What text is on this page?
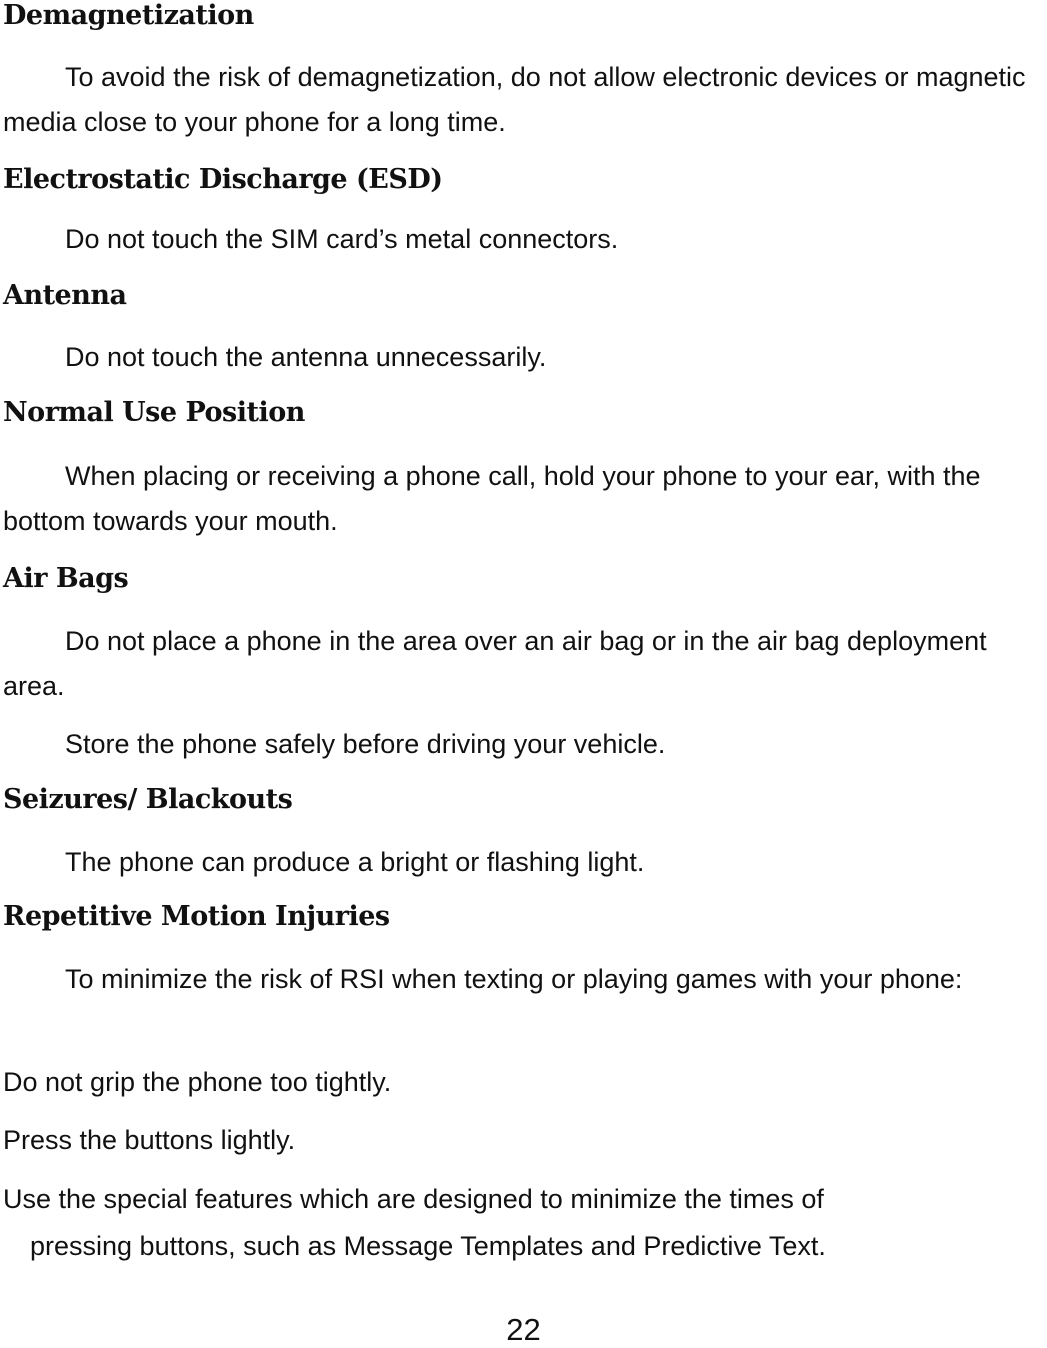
Demagnetization

To avoid the risk of demagnetization, do not allow electronic devices or magnetic media close to your phone for a long time.

Electrostatic Discharge (ESD)

Do not touch the SIM card’s metal connectors.

Antenna

Do not touch the antenna unnecessarily.

Normal Use Position

When placing or receiving a phone call, hold your phone to your ear, with the bottom towards your mouth.

Air Bags

Do not place a phone in the area over an air bag or in the air bag deployment area.

Store the phone safely before driving your vehicle.

Seizures/ Blackouts

The phone can produce a bright or flashing light.

Repetitive Motion Injuries

To minimize the risk of RSI when texting or playing games with your phone:

Do not grip the phone too tightly.

Press the buttons lightly.

Use the special features which are designed to minimize the times of

pressing buttons, such as Message Templates and Predictive Text.

22
